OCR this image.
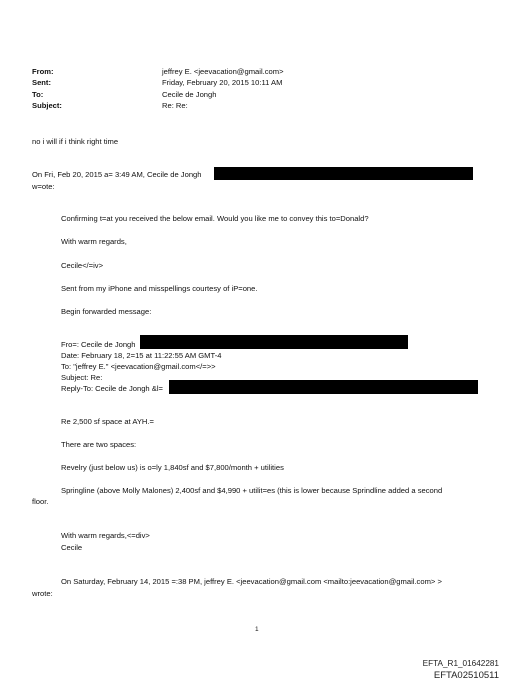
From:	jeffrey E. <jeevacation@gmail.com>
Sent:	Friday, February 20, 2015 10:11 AM
To:	Cecile de Jongh
Subject:	Re: Re:
no i will if i think right time
On Fri, Feb 20, 2015 a= 3:49 AM, Cecile de Jongh
w=ote:
Confirming t=at you received the below email. Would you like me to convey this to=Donald?
With warm regards,
Cecile</=iv>
Sent from my iPhone and misspellings courtesy of iP=one.
Begin forwarded message:
Fro=: Cecile de Jongh
Date: February 18, 2=15 at 11:22:55 AM GMT-4
To: "jeffrey E." <jeevacation@gmail.com</=>>
Subject: Re:
Reply-To: Cecile de Jongh &l=
Re 2,500 sf space at AYH.=
There are two spaces:
Revelry (just below us) is o=ly 1,840sf and $7,800/month + utilities
Springline (above Molly Malones) 2,400sf and $4,990 + utilit=es (this is lower because Sprindline added a second
floor.
With warm regards,<=div>
Cecile
On Saturday, February 14, 2015 =:38 PM, jeffrey E. <jeevacation@gmail.com <mailto:jeevacation@gmail.com> >
wrote:
1
EFTA_R1_01642281
EFTA02510511
